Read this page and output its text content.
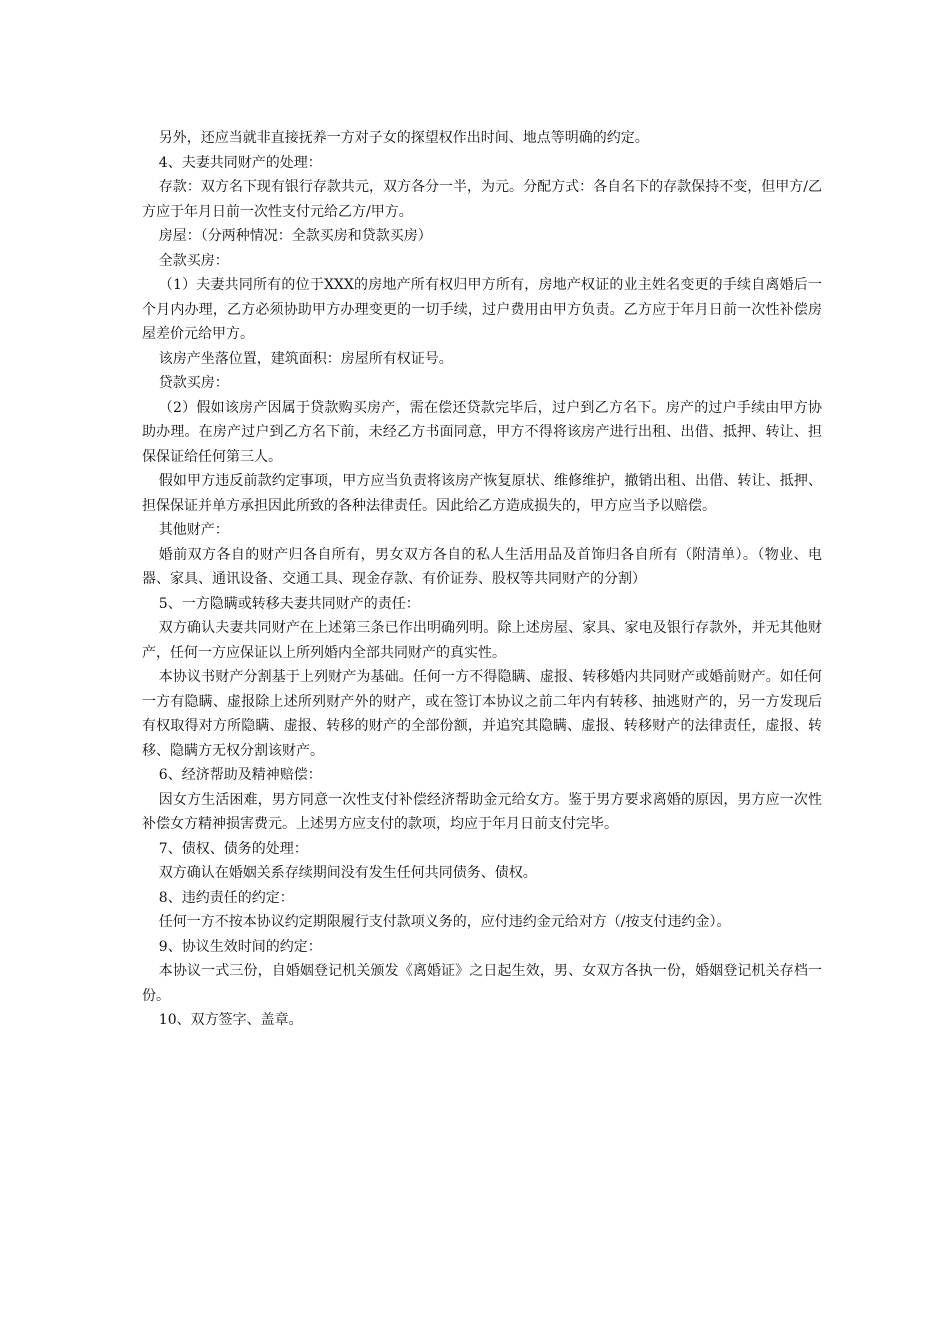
另外，还应当就非直接抚养一方对子女的探望权作出时间、地点等明确的约定。

4、夫妻共同财产的处理：

存款：双方名下现有银行存款共元，双方各分一半，为元。分配方式：各自名下的存款保持不变，但甲方/乙方应于年月日前一次性支付元给乙方/甲方。

房屋：（分两种情况：全款买房和贷款买房）

全款买房：

（1）夫妻共同所有的位于XXX的房地产所有权归甲方所有，房地产权证的业主姓名变更的手续自离婚后一个月内办理，乙方必须协助甲方办理变更的一切手续，过户费用由甲方负责。乙方应于年月日前一次性补偿房屋差价元给甲方。

该房产坐落位置，建筑面积：房屋所有权证号。

贷款买房：

（2）假如该房产因属于贷款购买房产，需在偿还贷款完毕后，过户到乙方名下。房产的过户手续由甲方协助办理。在房产过户到乙方名下前，未经乙方书面同意，甲方不得将该房产进行出租、出借、抵押、转让、担保保证给任何第三人。

假如甲方违反前款约定事项，甲方应当负责将该房产恢复原状、维修维护，撤销出租、出借、转让、抵押、担保保证并单方承担因此所致的各种法律责任。因此给乙方造成损失的，甲方应当予以赔偿。

其他财产：

婚前双方各自的财产归各自所有，男女双方各自的私人生活用品及首饰归各自所有（附清单）。（物业、电器、家具、通讯设备、交通工具、现金存款、有价证券、股权等共同财产的分割）

5、一方隐瞒或转移夫妻共同财产的责任：

双方确认夫妻共同财产在上述第三条已作出明确列明。除上述房屋、家具、家电及银行存款外，并无其他财产，任何一方应保证以上所列婚内全部共同财产的真实性。

本协议书财产分割基于上列财产为基础。任何一方不得隐瞒、虚报、转移婚内共同财产或婚前财产。如任何一方有隐瞒、虚报除上述所列财产外的财产，或在签订本协议之前二年内有转移、抽逃财产的，另一方发现后有权取得对方所隐瞒、虚报、转移的财产的全部份额，并追究其隐瞒、虚报、转移财产的法律责任，虚报、转移、隐瞒方无权分割该财产。

6、经济帮助及精神赔偿：

因女方生活困难，男方同意一次性支付补偿经济帮助金元给女方。鉴于男方要求离婚的原因，男方应一次性补偿女方精神损害费元。上述男方应支付的款项，均应于年月日前支付完毕。

7、债权、债务的处理：

双方确认在婚姻关系存续期间没有发生任何共同债务、债权。

8、违约责任的约定：

任何一方不按本协议约定期限履行支付款项义务的，应付违约金元给对方（/按支付违约金）。

9、协议生效时间的约定：

本协议一式三份，自婚姻登记机关颁发《离婚证》之日起生效，男、女双方各执一份，婚姻登记机关存档一份。

10、双方签字、盖章。
